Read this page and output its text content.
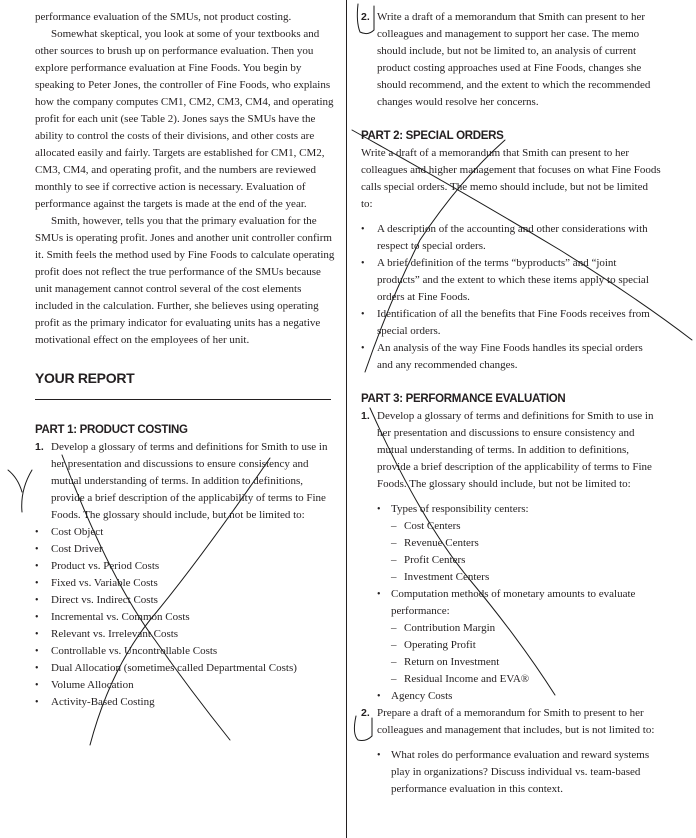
performance evaluation of the SMUs, not product costing.

Somewhat skeptical, you look at some of your textbooks and other sources to brush up on performance evaluation. Then you explore performance evaluation at Fine Foods. You begin by speaking to Peter Jones, the controller of Fine Foods, who explains how the company computes CM1, CM2, CM3, CM4, and operating profit for each unit (see Table 2). Jones says the SMUs have the ability to control the costs of their divisions, and other costs are allocated easily and fairly. Targets are established for CM1, CM2, CM3, CM4, and operating profit, and the numbers are reviewed monthly to see if corrective action is necessary. Evaluation of performance against the targets is made at the end of the year.

Smith, however, tells you that the primary evaluation for the SMUs is operating profit. Jones and another unit controller confirm it. Smith feels the method used by Fine Foods to calculate operating profit does not reflect the true performance of the SMUs because unit management cannot control several of the cost elements included in the calculation. Further, she believes using operating profit as the primary indicator for evaluating units has a negative motivational effect on the employees of her unit.

YOUR REPORT
PART 1: PRODUCT COSTING
1. Develop a glossary of terms and definitions for Smith to use in her presentation and discussions to ensure consistency and mutual understanding of terms. In addition to definitions, provide a brief description of the applicability of terms to Fine Foods. The glossary should include, but not be limited to:
• Cost Object
• Cost Driver
• Product vs. Period Costs
• Fixed vs. Variable Costs
• Direct vs. Indirect Costs
• Incremental vs. Common Costs
• Relevant vs. Irrelevant Costs
• Controllable vs. Uncontrollable Costs
• Dual Allocation (sometimes called Departmental Costs)
• Volume Allocation
• Activity-Based Costing
2. Write a draft of a memorandum that Smith can present to her colleagues and management to support her case. The memo should include, but not be limited to, an analysis of current product costing approaches used at Fine Foods, changes she should recommend, and the extent to which the recommended changes would resolve her concerns.
PART 2: SPECIAL ORDERS

Write a draft of a memorandum that Smith can present to her colleagues and higher management that focuses on what Fine Foods calls special orders. The memo should include, but not be limited to:

• A description of the accounting and other considerations with respect to special orders.
• A brief definition of the terms “byproducts” and “joint products” and the extent to which these items apply to special orders at Fine Foods.
• Identification of all the benefits that Fine Foods receives from special orders.
• An analysis of the way Fine Foods handles its special orders and any recommended changes.
PART 3: PERFORMANCE EVALUATION
1. Develop a glossary of terms and definitions for Smith to use in her presentation and discussions to ensure consistency and mutual understanding of terms. In addition to definitions, provide a brief description of the applicability of terms to Fine Foods. The glossary should include, but not be limited to:
• Types of responsibility centers:
– Cost Centers
– Revenue Centers
– Profit Centers
– Investment Centers
• Computation methods of monetary amounts to evaluate performance:
– Contribution Margin
– Operating Profit
– Return on Investment
– Residual Income and EVA®
• Agency Costs
2. Prepare a draft of a memorandum for Smith to present to her colleagues and management that includes, but is not limited to:
• What roles do performance evaluation and reward systems play in organizations? Discuss individual vs. team-based performance evaluation in this context.
